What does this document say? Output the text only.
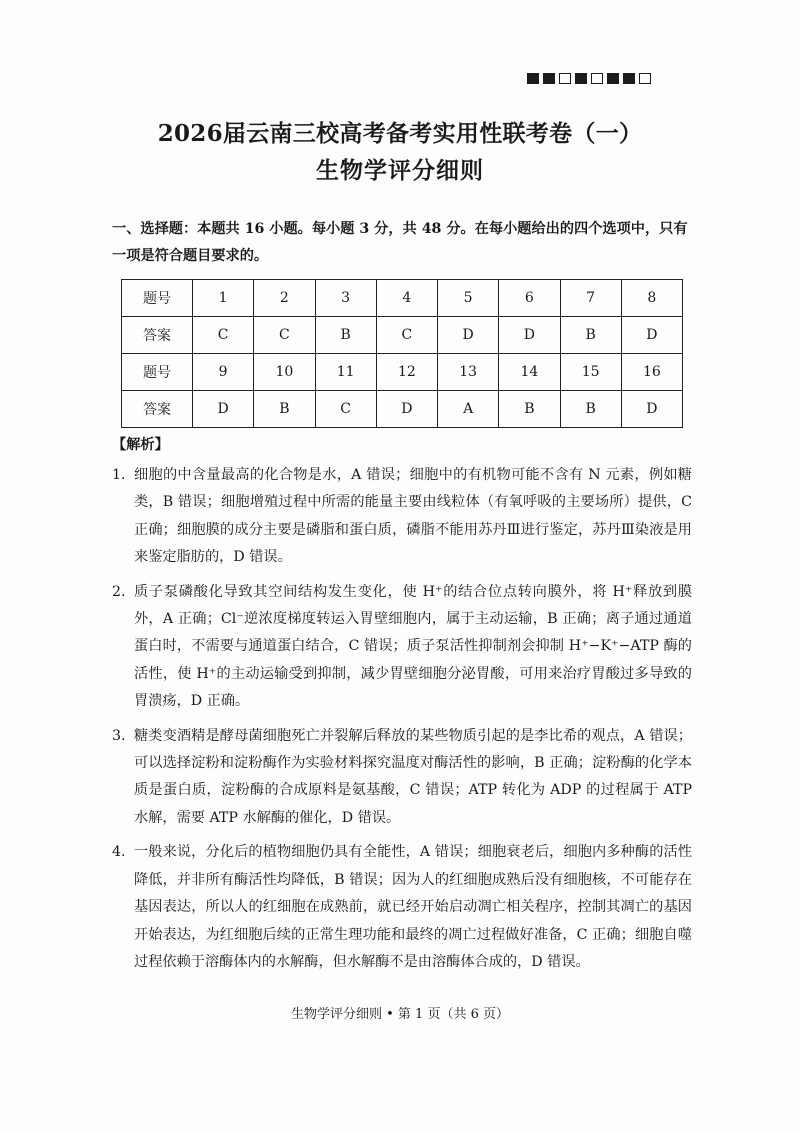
2026届云南三校高考备考实用性联考卷（一）
生物学评分细则
一、选择题：本题共 16 小题。每小题 3 分，共 48 分。在每小题给出的四个选项中，只有一项是符合题目要求的。
题号	1	2	3	4	5	6	7	8
答案	C	C	B	C	D	D	B	D
题号	9	10	11	12	13	14	15	16
答案	D	B	C	D	A	B	B	D
【解析】
1. 细胞的中含量最高的化合物是水，A 错误；细胞中的有机物可能不含有 N 元素，例如糖类，B 错误；细胞增殖过程中所需的能量主要由线粒体（有氧呼吸的主要场所）提供，C 正确；细胞膜的成分主要是磷脂和蛋白质，磷脂不能用苏丹Ⅲ进行鉴定，苏丹Ⅲ染液是用来鉴定脂肪的，D 错误。
2. 质子泵磷酸化导致其空间结构发生变化，使 H⁺的结合位点转向膜外，将 H⁺释放到膜外，A 正确；Cl⁻逆浓度梯度转运入胃壁细胞内，属于主动运输，B 正确；离子通过通道蛋白时，不需要与通道蛋白结合，C 错误；质子泵活性抑制剂会抑制 H⁺−K⁺−ATP 酶的活性，使 H⁺的主动运输受到抑制，减少胃壁细胞分泌胃酸，可用来治疗胃酸过多导致的胃溃疡，D 正确。
3. 糖类变酒精是酵母菌细胞死亡并裂解后释放的某些物质引起的是李比希的观点，A 错误；可以选择淀粉和淀粉酶作为实验材料探究温度对酶活性的影响，B 正确；淀粉酶的化学本质是蛋白质，淀粉酶的合成原料是氨基酸，C 错误；ATP 转化为 ADP 的过程属于 ATP 水解，需要 ATP 水解酶的催化，D 错误。
4. 一般来说，分化后的植物细胞仍具有全能性，A 错误；细胞衰老后，细胞内多种酶的活性降低，并非所有酶活性均降低，B 错误；因为人的红细胞成熟后没有细胞核，不可能存在基因表达，所以人的红细胞在成熟前，就已经开始启动凋亡相关程序，控制其凋亡的基因开始表达，为红细胞后续的正常生理功能和最终的凋亡过程做好准备，C 正确；细胞自噬过程依赖于溶酶体内的水解酶，但水解酶不是由溶酶体合成的，D 错误。
生物学评分细则 • 第 1 页（共 6 页）
